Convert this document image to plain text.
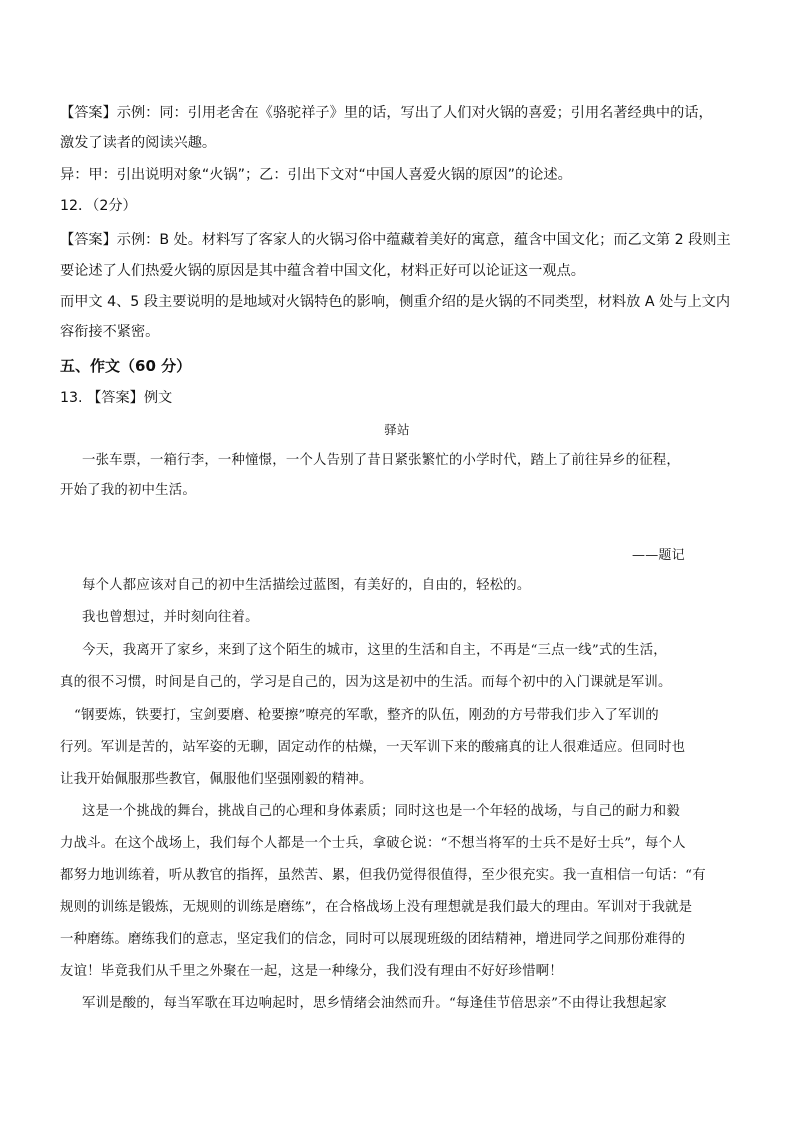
【答案】示例：同：引用老舍在《骆驼祥子》里的话，写出了人们对火锅的喜爱；引用名著经典中的话，
激发了读者的阅读兴趣。
异：甲：引出说明对象“火锅”；乙：引出下文对“中国人喜爱火锅的原因”的论述。
12．（2分）
【答案】示例：B 处。材料写了客家人的火锅习俗中蕴藏着美好的寓意，蕴含中国文化；而乙文第 2 段则主
要论述了人们热爱火锅的原因是其中蕴含着中国文化，材料正好可以论证这一观点。
而甲文 4、5 段主要说明的是地域对火锅特色的影响，侧重介绍的是火锅的不同类型，材料放 A 处与上文内
容衔接不紧密。
五、作文（60 分）
13. 【答案】例文
驿站
一张车票，一箱行李，一种憧憬，一个人告别了昔日紧张繁忙的小学时代，踏上了前往异乡的征程，
开始了我的初中生活。
——题记
每个人都应该对自己的初中生活描绘过蓝图，有美好的，自由的，轻松的。
我也曾想过，并时刻向往着。
今天，我离开了家乡，来到了这个陌生的城市，这里的生活和自主，不再是“三点一线”式的生活，
真的很不习惯，时间是自己的，学习是自己的，因为这是初中的生活。而每个初中的入门课就是军训。
“钢要炼，铁要打，宝剑要磨、枪要擦”嘹亮的军歌，整齐的队伍，刚劲的方号带我们步入了军训的
行列。军训是苦的，站军姿的无聊，固定动作的枯燥，一天军训下来的酸痛真的让人很难适应。但同时也
让我开始佩服那些教官，佩服他们坚强刚毅的精神。
这是一个挑战的舞台，挑战自己的心理和身体素质；同时这也是一个年轻的战场，与自己的耐力和毅
力战斗。在这个战场上，我们每个人都是一个士兵，拿破仑说：“不想当将军的士兵不是好士兵”，每个人
都努力地训练着，听从教官的指挥，虽然苦、累，但我仍觉得很值得，至少很充实。我一直相信一句话：“有
规则的训练是锻炼，无规则的训练是磨练”，在合格战场上没有理想就是我们最大的理由。军训对于我就是
一种磨练。磨练我们的意志，坚定我们的信念，同时可以展现班级的团结精神，增进同学之间那份难得的
友谊！毕竟我们从千里之外聚在一起，这是一种缘分，我们没有理由不好好珍惜啊！
军训是酸的，每当军歌在耳边响起时，思乡情绪会油然而升。“每逢佳节倍思亲”不由得让我想起家
